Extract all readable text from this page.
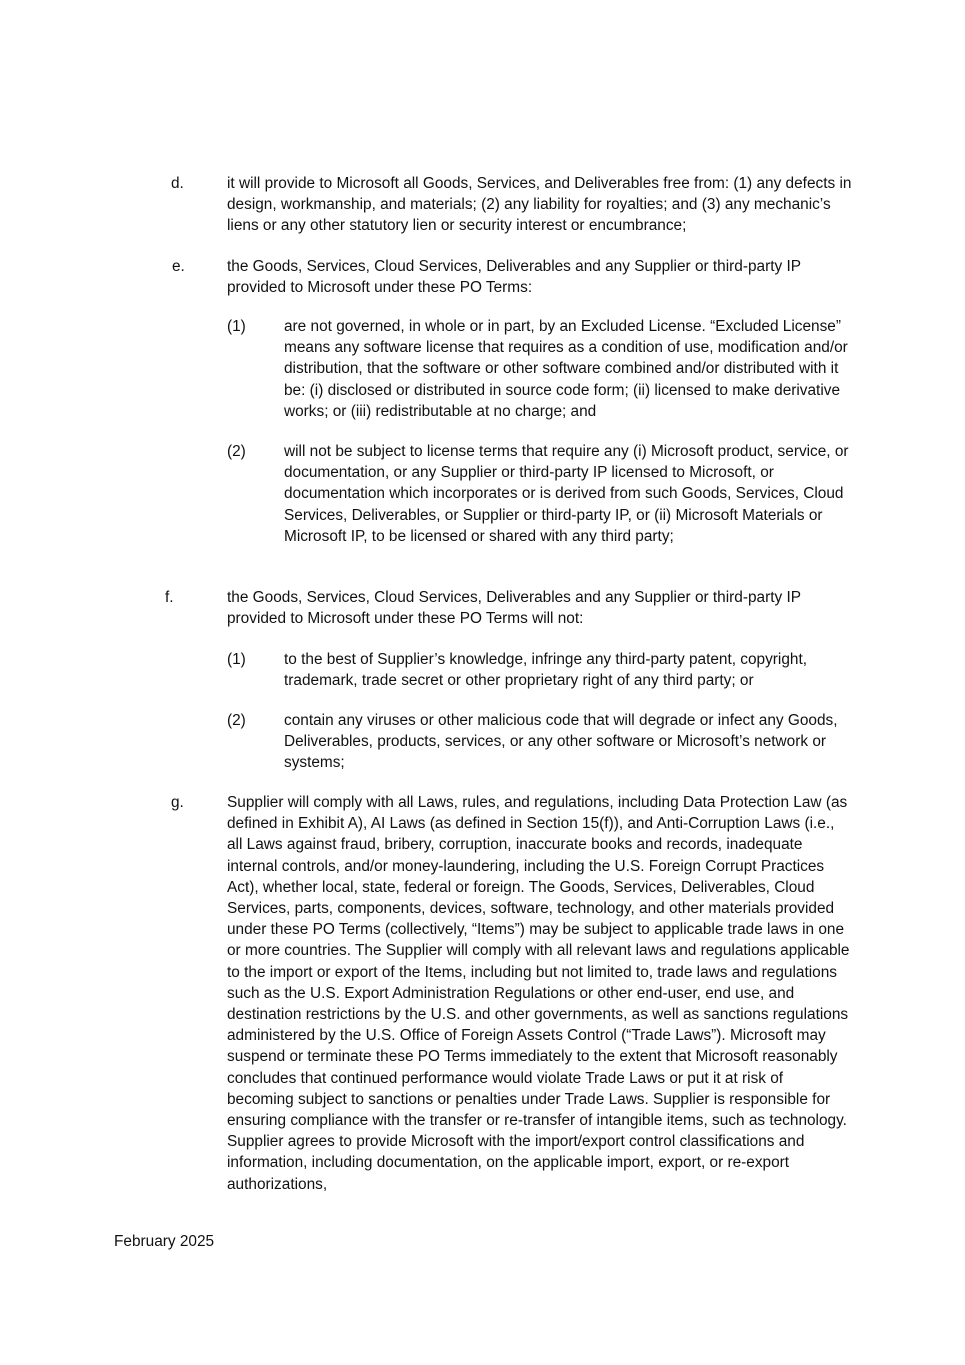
d.	it will provide to Microsoft all Goods, Services, and Deliverables free from: (1) any defects in design, workmanship, and materials; (2) any liability for royalties; and (3) any mechanic’s liens or any other statutory lien or security interest or encumbrance;

e.	the Goods, Services, Cloud Services, Deliverables and any Supplier or third-party IP provided to Microsoft under these PO Terms:

(1) are not governed, in whole or in part, by an Excluded License. “Excluded License” means any software license that requires as a condition of use, modification and/or distribution, that the software or other software combined and/or distributed with it be: (i) disclosed or distributed in source code form; (ii) licensed to make derivative works; or (iii) redistributable at no charge; and

(2) will not be subject to license terms that require any (i) Microsoft product, service, or documentation, or any Supplier or third-party IP licensed to Microsoft, or documentation which incorporates or is derived from such Goods, Services, Cloud Services, Deliverables, or Supplier or third-party IP, or (ii) Microsoft Materials or Microsoft IP, to be licensed or shared with any third party;

f.	the Goods, Services, Cloud Services, Deliverables and any Supplier or third-party IP provided to Microsoft under these PO Terms will not:

(1) to the best of Supplier’s knowledge, infringe any third-party patent, copyright, trademark, trade secret or other proprietary right of any third party; or

(2) contain any viruses or other malicious code that will degrade or infect any Goods, Deliverables, products, services, or any other software or Microsoft’s network or systems;

g.	Supplier will comply with all Laws, rules, and regulations, including Data Protection Law (as defined in Exhibit A), AI Laws (as defined in Section 15(f)), and Anti-Corruption Laws (i.e., all Laws against fraud, bribery, corruption, inaccurate books and records, inadequate internal controls, and/or money-laundering, including the U.S. Foreign Corrupt Practices Act), whether local, state, federal or foreign. The Goods, Services, Deliverables, Cloud Services, parts, components, devices, software, technology, and other materials provided under these PO Terms (collectively, “Items”) may be subject to applicable trade laws in one or more countries. The Supplier will comply with all relevant laws and regulations applicable to the import or export of the Items, including but not limited to, trade laws and regulations such as the U.S. Export Administration Regulations or other end-user, end use, and destination restrictions by the U.S. and other governments, as well as sanctions regulations administered by the U.S. Office of Foreign Assets Control (“Trade Laws”). Microsoft may suspend or terminate these PO Terms immediately to the extent that Microsoft reasonably concludes that continued performance would violate Trade Laws or put it at risk of becoming subject to sanctions or penalties under Trade Laws. Supplier is responsible for ensuring compliance with the transfer or re-transfer of intangible items, such as technology. Supplier agrees to provide Microsoft with the import/export control classifications and information, including documentation, on the applicable import, export, or re-export authorizations,

February 2025
